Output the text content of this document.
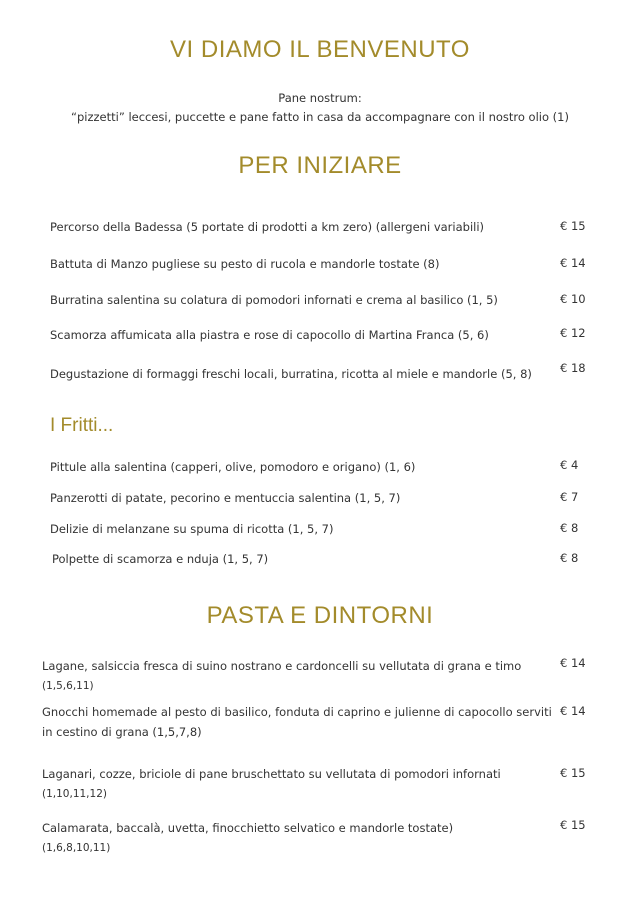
VI DIAMO IL BENVENUTO
Pane nostrum:
“pizzetti” leccesi, puccette e pane fatto in casa da accompagnare con il nostro olio (1)
PER INIZIARE
Percorso della Badessa (5 portate di prodotti a km zero) (allergeni variabili)	€ 15
Battuta di Manzo pugliese su pesto di rucola e mandorle tostate (8)	€ 14
Burratina salentina su colatura di pomodori infornati e crema al basilico (1, 5)	€ 10
Scamorza affumicata alla piastra e rose di capocollo di Martina Franca (5, 6)	€ 12
Degustazione di formaggi freschi locali, burratina, ricotta al miele e mandorle (5, 8) € 18
I Fritti...
Pittule alla salentina (capperi, olive, pomodoro e origano) (1, 6)	€ 4
Panzerotti di patate, pecorino e mentuccia salentina (1, 5, 7)	€ 7
Delizie di melanzane su spuma di ricotta (1, 5, 7)	€ 8
Polpette di scamorza e nduja (1, 5, 7)	€ 8
PASTA E DINTORNI
Lagane, salsiccia fresca di suino nostrano e cardoncelli su vellutata di grana e timo
(1,5,6,11)
€ 14
Gnocchi homemade al pesto di basilico, fonduta di caprino e julienne di capocollo serviti in cestino di grana (1,5,7,8)
€ 14
Laganari, cozze, briciole di pane bruschettato su vellutata di pomodori infornati
(1,10,11,12)
€ 15
Calamarata, baccalà, uvetta, finocchietto selvatico e mandorle tostate)
(1,6,8,10,11)
€ 15
